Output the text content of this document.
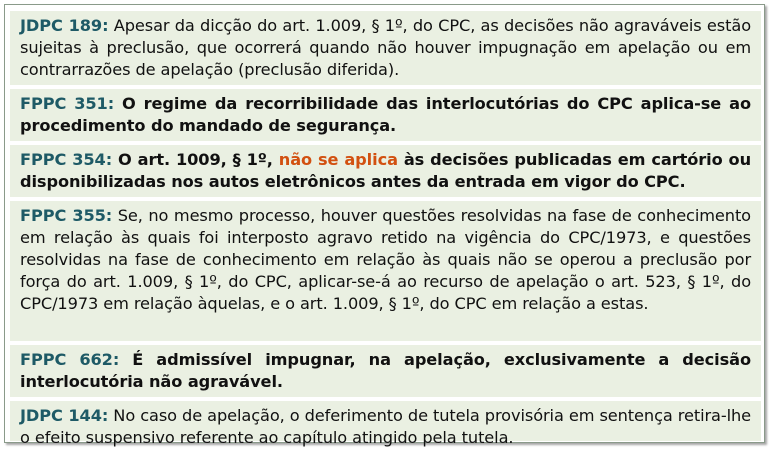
JDPC 189: Apesar da dicção do art. 1.009, § 1º, do CPC, as decisões não agraváveis estão sujeitas à preclusão, que ocorrerá quando não houver impugnação em apelação ou em contrarrazões de apelação (preclusão diferida).
FPPC 351: O regime da recorribilidade das interlocutórias do CPC aplica-se ao procedimento do mandado de segurança.
FPPC 354: O art. 1009, § 1º, não se aplica às decisões publicadas em cartório ou disponibilizadas nos autos eletrônicos antes da entrada em vigor do CPC.
FPPC 355: Se, no mesmo processo, houver questões resolvidas na fase de conhecimento em relação às quais foi interposto agravo retido na vigência do CPC/1973, e questões resolvidas na fase de conhecimento em relação às quais não se operou a preclusão por força do art. 1.009, § 1º, do CPC, aplicar-se-á ao recurso de apelação o art. 523, § 1º, do CPC/1973 em relação àquelas, e o art. 1.009, § 1º, do CPC em relação a estas.
FPPC 662: É admissível impugnar, na apelação, exclusivamente a decisão interlocutória não agravável.
JDPC 144: No caso de apelação, o deferimento de tutela provisória em sentença retira-lhe o efeito suspensivo referente ao capítulo atingido pela tutela.
